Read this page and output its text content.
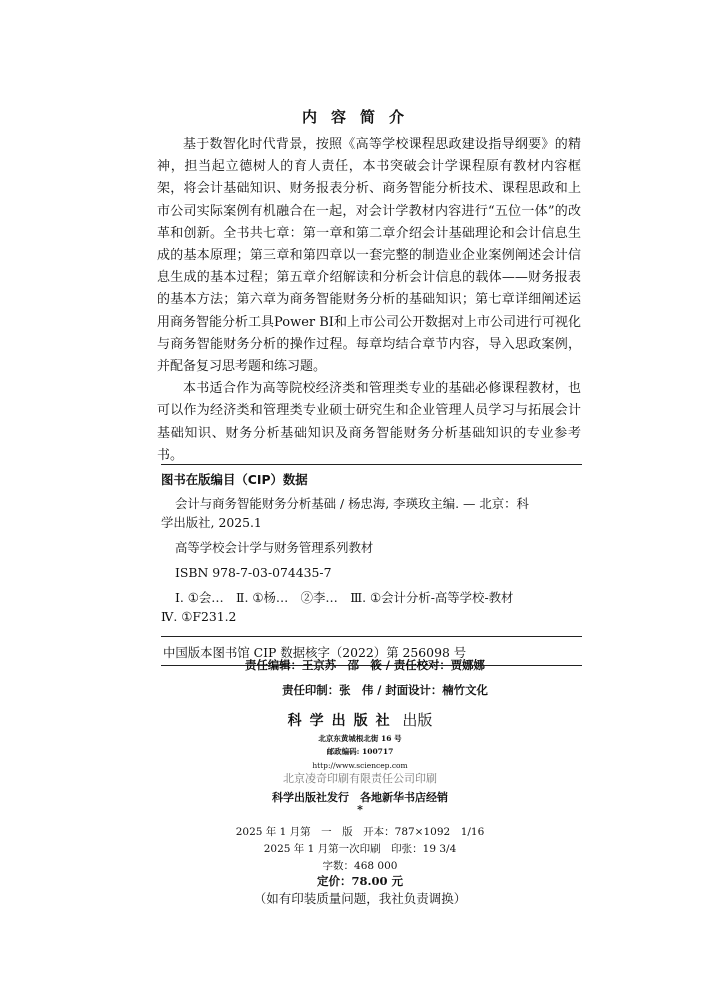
内容简介

基于数智化时代背景，按照《高等学校课程思政建设指导纲要》的精神，担当起立德树人的育人责任，本书突破会计学课程原有教材内容框架，将会计基础知识、财务报表分析、商务智能分析技术、课程思政和上市公司实际案例有机融合在一起，对会计学教材内容进行“五位一体”的改革和创新。全书共七章：第一章和第二章介绍会计基础理论和会计信息生成的基本原理；第三章和第四章以一套完整的制造业企业案例阐述会计信息生成的基本过程；第五章介绍解读和分析会计信息的载体——财务报表的基本方法；第六章为商务智能财务分析的基础知识；第七章详细阐述运用商务智能分析工具Power BI和上市公司公开数据对上市公司进行可视化与商务智能财务分析的操作过程。每章均结合章节内容，导入思政案例，并配备复习思考题和练习题。

本书适合作为高等院校经济类和管理类专业的基础必修课程教材，也可以作为经济类和管理类专业硕士研究生和企业管理人员学习与拓展会计基础知识、财务分析基础知识及商务智能财务分析基础知识的专业参考书。

图书在版编目（CIP）数据
会计与商务智能财务分析基础 / 杨忠海, 李瑛玫主编. — 北京：科
学出版社, 2025.1
高等学校会计学与财务管理系列教材
ISBN 978-7-03-074435-7
Ⅰ. ①会…　Ⅱ. ①杨…　②李…　Ⅲ. ①会计分析-高等学校-教材
Ⅳ. ①F231.2
中国版本图书馆 CIP 数据核字（2022）第 256098 号
责任编辑：王京苏　邵　筱 / 责任校对：贾娜娜
责任印制：张　伟 / 封面设计：楠竹文化
科学出版社 出版
北京东黄城根北街 16 号
邮政编码: 100717
http://www.sciencep.com
北京凌奇印刷有限责任公司印刷
科学出版社发行　各地新华书店经销
*
2025 年 1 月第　一　版　开本：787×1092　1/16
2025 年 1 月第一次印刷　印张：19 3/4
字数：468 000
定价：78.00 元
（如有印装质量问题，我社负责调换）
